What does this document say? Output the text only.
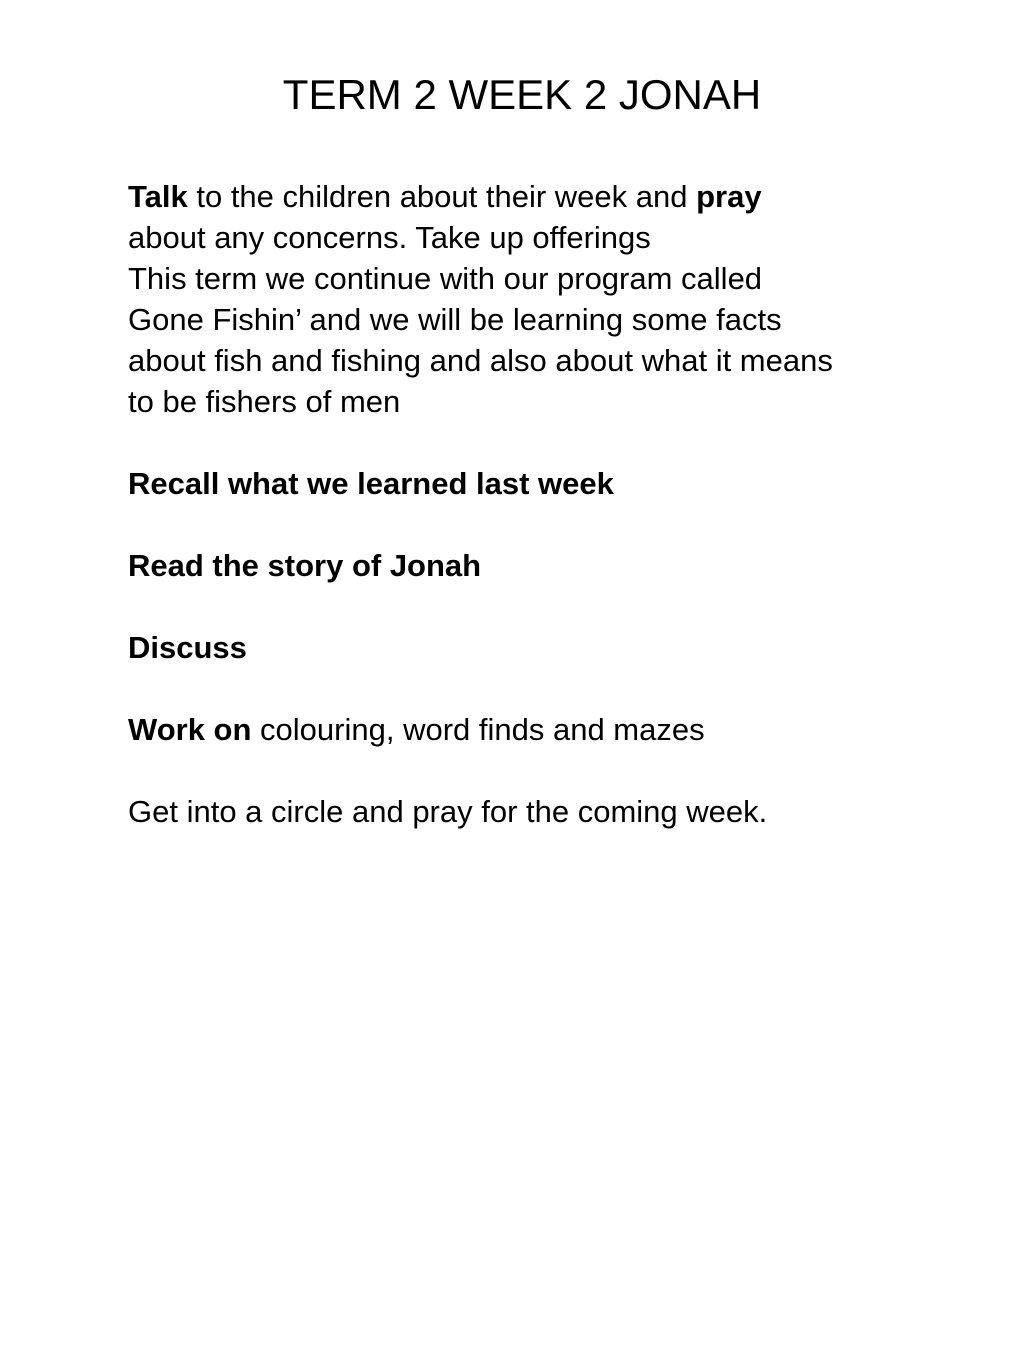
TERM 2 WEEK 2 JONAH

Talk to the children about their week and pray

about any concerns. Take up offerings

This term we continue with our program called

Gone Fishin’ and we will be learning some facts

about fish and fishing and also about what it means

to be fishers of men

Recall what we learned last week

Read the story of Jonah

Discuss

Work on colouring, word finds and mazes

Get into a circle and pray for the coming week.
